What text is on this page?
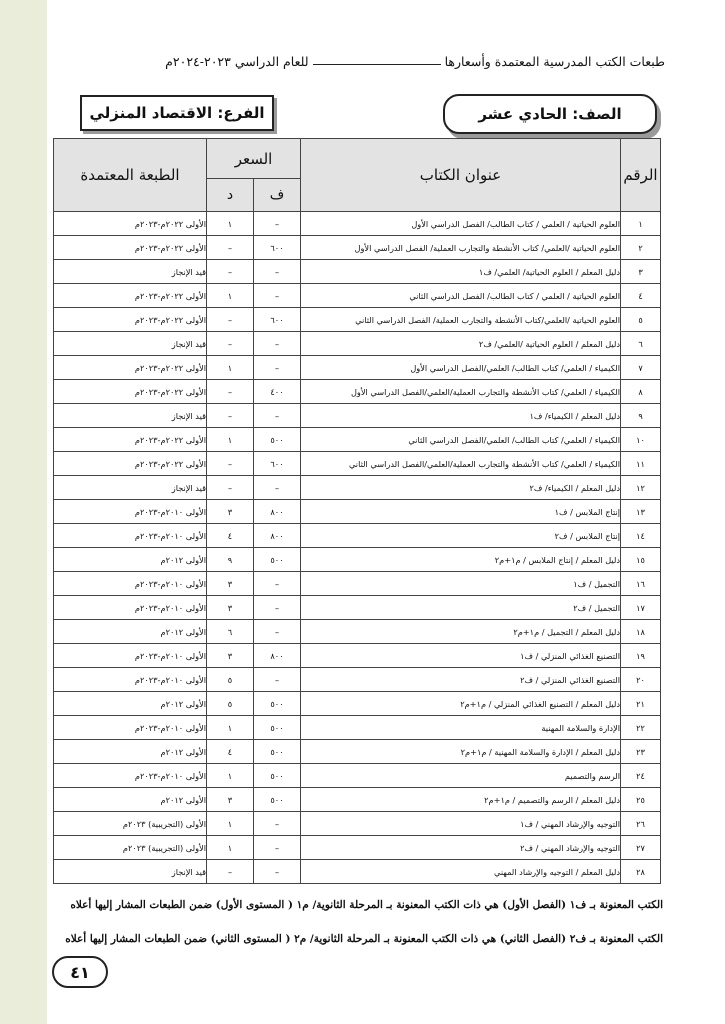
طبعات الكتب المدرسية المعتمدة وأسعارها
للعام الدراسي ٢٠٢٣-٢٠٢٤م
الصف: الحادي عشر
الفرع: الاقتصاد المنزلي
الرقم	عنوان الكتاب	السعر		الطبعة المعتمدة
		ف	د	
١	العلوم الحياتية / العلمي / كتاب الطالب/ الفصل الدراسي الأول	–	١	الأولى ٢٠٢٢م-٢٠٢٣م
٢	العلوم الحياتية /العلمي/ كتاب الأنشطة والتجارب العملية/ الفصل الدراسي الأول	٦٠٠	–	الأولى ٢٠٢٢م-٢٠٢٣م
٣	دليل المعلم / العلوم الحياتية/ العلمي/ ف١	–	–	قيد الإنجاز
٤	العلوم الحياتية / العلمي / كتاب الطالب/ الفصل الدراسي الثاني	–	١	الأولى ٢٠٢٢م-٢٠٢٣م
٥	العلوم الحياتية /العلمي/كتاب الأنشطة والتجارب العملية/ الفصل الدراسي الثاني	٦٠٠	–	الأولى ٢٠٢٢م-٢٠٢٣م
٦	دليل المعلم / العلوم الحياتية /العلمي/ ف٢	–	–	قيد الإنجاز
٧	الكيمياء / العلمي/ كتاب الطالب/ العلمي/الفصل الدراسي الأول	–	١	الأولى ٢٠٢٢م-٢٠٢٣م
٨	الكيمياء / العلمي/ كتاب الأنشطة والتجارب العملية/العلمي/الفصل الدراسي الأول	٤٠٠	–	الأولى ٢٠٢٢م-٢٠٢٣م
٩	دليل المعلم / الكيمياء/ ف١	–	–	قيد الإنجاز
١٠	الكيمياء / العلمي/ كتاب الطالب/ العلمي/الفصل الدراسي الثاني	٥٠٠	١	الأولى ٢٠٢٢م-٢٠٢٣م
١١	الكيمياء / العلمي/ كتاب الأنشطة والتجارب العملية/العلمي/الفصل الدراسي الثاني	٦٠٠	–	الأولى ٢٠٢٢م-٢٠٢٣م
١٢	دليل المعلم / الكيمياء/ ف٢	–	–	قيد الإنجاز
١٣	إنتاج الملابس / ف١	٨٠٠	٣	الأولى ٢٠١٠م-٢٠٢٣م
١٤	إنتاج الملابس / ف٢	٨٠٠	٤	الأولى ٢٠١٠م-٢٠٢٣م
١٥	دليل المعلم / إنتاج الملابس / م١+م٢	٥٠٠	٩	الأولى ٢٠١٢م
١٦	التجميل / ف١	–	٣	الأولى ٢٠١٠م-٢٠٢٣م
١٧	التجميل / ف٢	–	٣	الأولى ٢٠١٠م-٢٠٢٣م
١٨	دليل المعلم / التجميل / م١+م٢	–	٦	الأولى ٢٠١٢م
١٩	التصنيع الغذائي المنزلي / ف١	٨٠٠	٣	الأولى ٢٠١٠م-٢٠٢٣م
٢٠	التصنيع الغذائي المنزلي / ف٢	–	٥	الأولى ٢٠١٠م-٢٠٢٣م
٢١	دليل المعلم / التصنيع الغذائي المنزلي / م١+م٢	٥٠٠	٥	الأولى ٢٠١٢م
٢٢	الإدارة والسلامة المهنية	٥٠٠	١	الأولى ٢٠١٠م-٢٠٢٣م
٢٣	دليل المعلم / الإدارة والسلامة المهنية / م١+م٢	٥٠٠	٤	الأولى ٢٠١٢م
٢٤	الرسم والتصميم	٥٠٠	١	الأولى ٢٠١٠م-٢٠٢٣م
٢٥	دليل المعلم / الرسم والتصميم / م١+م٢	٥٠٠	٣	الأولى ٢٠١٢م
٢٦	التوجيه والإرشاد المهني / ف١	–	١	الأولى (التجريبية) ٢٠٢٣م
٢٧	التوجيه والإرشاد المهني / ف٢	–	١	الأولى (التجريبية) ٢٠٢٣م
٢٨	دليل المعلم / التوجيه والإرشاد المهني	–	–	قيد الإنجاز

الكتب المعنونة بـ ف١ (الفصل الأول) هي ذات الكتب المعنونة بـ المرحلة الثانوية/ م١ ( المستوى الأول) ضمن الطبعات المشار إليها أعلاه

الكتب المعنونة بـ ف٢ (الفصل الثاني) هي ذات الكتب المعنونة بـ المرحلة الثانوية/ م٢ ( المستوى الثاني) ضمن الطبعات المشار إليها أعلاه

٤١
